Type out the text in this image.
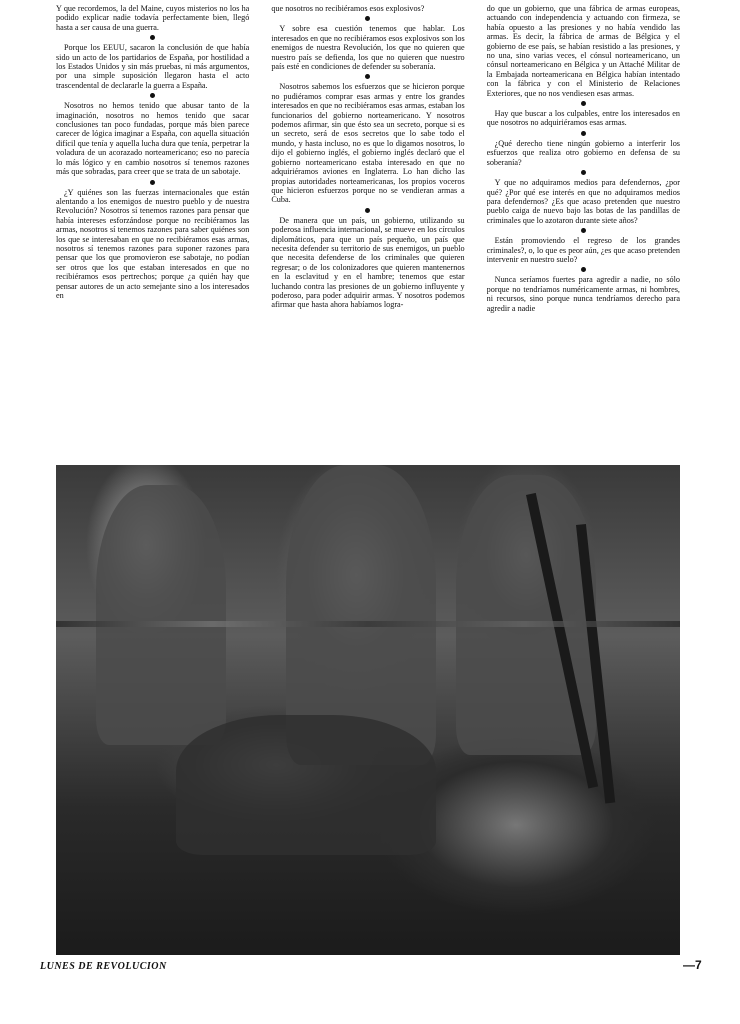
Y que recordemos, la del Maine, cuyos misterios no los ha podido explicar nadie todavía perfectamente bien, llegó hasta a ser causa de una guerra.

Porque los EEUU, sacaron la conclusión de que había sido un acto de los partidarios de España, por hostilidad a los Estados Unidos y sin más pruebas, ni más argumentos, por una simple suposición llegaron hasta el acto trascendental de declararle la guerra a España.

Nosotros no hemos tenido que abusar tanto de la imaginación, nosotros no hemos tenido que sacar conclusiones tan poco fundadas, porque más bien parece carecer de lógica imaginar a España, con aquella situación difícil que tenía y aquella lucha dura que tenía, perpetrar la voladura de un acorazado norteamericano; eso no parecía lo más lógico y en cambio nosotros sí tenemos razones más que sobradas, para creer que se trata de un sabotaje.

¿Y quiénes son las fuerzas internacionales que están alentando a los enemigos de nuestro pueblo y de nuestra Revolución? Nosotros sí tenemos razones para pensar que había intereses esforzándose porque no recibiéramos las armas, nosotros sí tenemos razones para saber quiénes son los que se interesaban en que no recibiéramos esas armas, nosotros sí tenemos razones para suponer razones para pensar que los que promovieron ese sabotaje, no podían ser otros que los que estaban interesados en que no recibiéramos esos pertrechos; porque ¿a quién hay que pensar autores de un acto semejante sino a los interesados en

que nosotros no recibiéramos esos explosivos?

Y sobre esa cuestión tenemos que hablar. Los interesados en que no recibiéramos esos explosivos son los enemigos de nuestra Revolución, los que no quieren que nuestro país se defienda, los que no quieren que nuestro país esté en condiciones de defender su soberanía.

Nosotros sabemos los esfuerzos que se hicieron porque no pudiéramos comprar esas armas y entre los grandes interesados en que no recibiéramos esas armas, estaban los funcionarios del gobierno norteamericano. Y nosotros podemos afirmar, sin que ésto sea un secreto, porque si es un secreto, será de esos secretos que lo sabe todo el mundo, y hasta incluso, no es que lo digamos nosotros, lo dijo el gobierno inglés, el gobierno inglés declaró que el gobierno norteamericano estaba interesado en que no adquiriéramos aviones en Inglaterra. Lo han dicho las propias autoridades norteamericanas, los propios voceros que hicieron esfuerzos porque no se vendieran armas a Cuba.

De manera que un país, un gobierno, utilizando su poderosa influencia internacional, se mueve en los círculos diplomáticos, para que un país pequeño, un país que necesita defender su territorio de sus enemigos, un pueblo que necesita defenderse de los criminales que quieren regresar; o de los colonizadores que quieren mantenernos en la esclavitud y en el hambre; tenemos que estar luchando contra las presiones de un gobierno influyente y poderoso, para poder adquirir armas. Y nosotros podemos afirmar que hasta ahora habíamos logra-

do que un gobierno, que una fábrica de armas europeas, actuando con independencia y actuando con firmeza, se había opuesto a las presiones y no había vendido las armas. Es decir, la fábrica de armas de Bélgica y el gobierno de ese país, se habían resistido a las presiones, y no una, sino varias veces, el cónsul norteamericano, un cónsul norteamericano en Bélgica y un Attaché Militar de la Embajada norteamericana en Bélgica habían intentado con la fábrica y con el Ministerio de Relaciones Exteriores, que no nos vendiesen esas armas.

Hay que buscar a los culpables, entre los interesados en que nosotros no adquiriéramos esas armas.

¿Qué derecho tiene ningún gobierno a interferir los esfuerzos que realiza otro gobierno en defensa de su soberanía?

Y que no adquiramos medios para defendernos, ¿por qué? ¿Por qué ese interés en que no adquiramos medios para defendernos? ¿Es que acaso pretenden que nuestro pueblo caiga de nuevo bajo las botas de las pandillas de criminales que lo azotaron durante siete años?

Están promoviendo el regreso de los grandes criminales?, o, lo que es peor aún, ¿es que acaso pretenden intervenir en nuestro suelo?

Nunca seríamos fuertes para agredir a nadie, no sólo porque no tendríamos numéricamente armas, ni hombres, ni recursos, sino porque nunca tendríamos derecho para agredir a nadie

LUNES DE REVOLUCION	—7
